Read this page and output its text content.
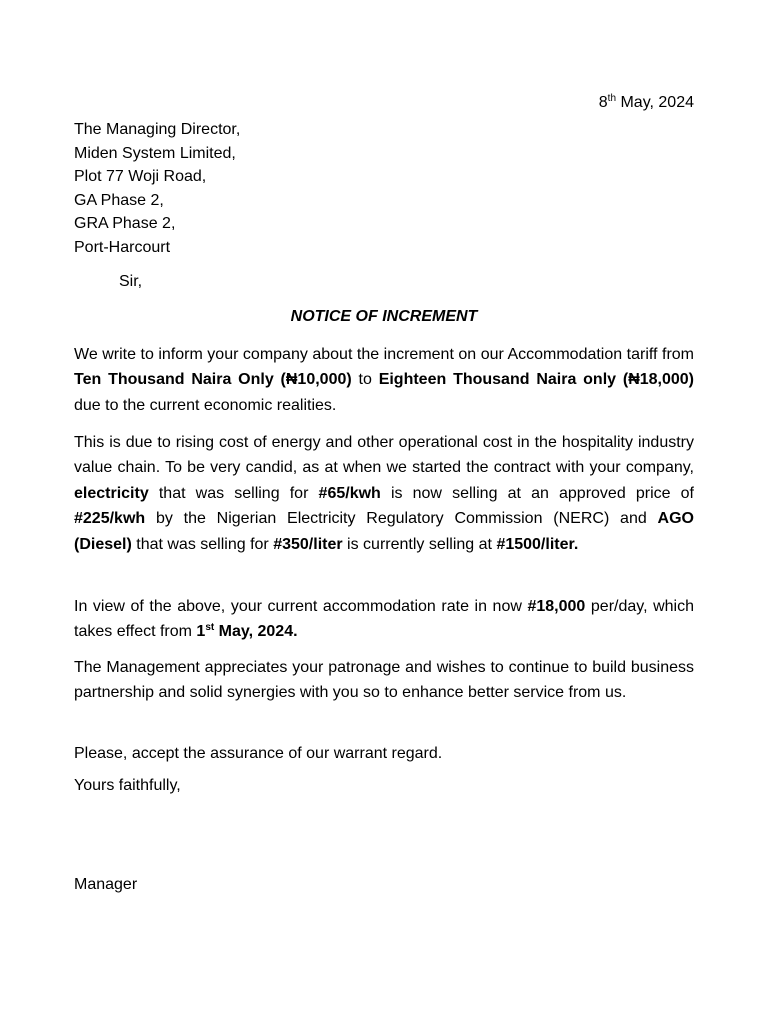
8th May, 2024
The Managing Director,
Miden System Limited,
Plot 77 Woji Road,
GA Phase 2,
GRA Phase 2,
Port-Harcourt
Sir,
NOTICE OF INCREMENT

We write to inform your company about the increment on our Accommodation tariff from Ten Thousand Naira Only (₦10,000) to Eighteen Thousand Naira only (₦18,000) due to the current economic realities.

This is due to rising cost of energy and other operational cost in the hospitality industry value chain. To be very candid, as at when we started the contract with your company, electricity that was selling for #65/kwh is now selling at an approved price of #225/kwh by the Nigerian Electricity Regulatory Commission (NERC) and AGO (Diesel) that was selling for #350/liter is currently selling at #1500/liter.

In view of the above, your current accommodation rate in now #18,000 per/day, which takes effect from 1st May, 2024.

The Management appreciates your patronage and wishes to continue to build business partnership and solid synergies with you so to enhance better service from us.

Please, accept the assurance of our warrant regard.

Yours faithfully,
Manager
